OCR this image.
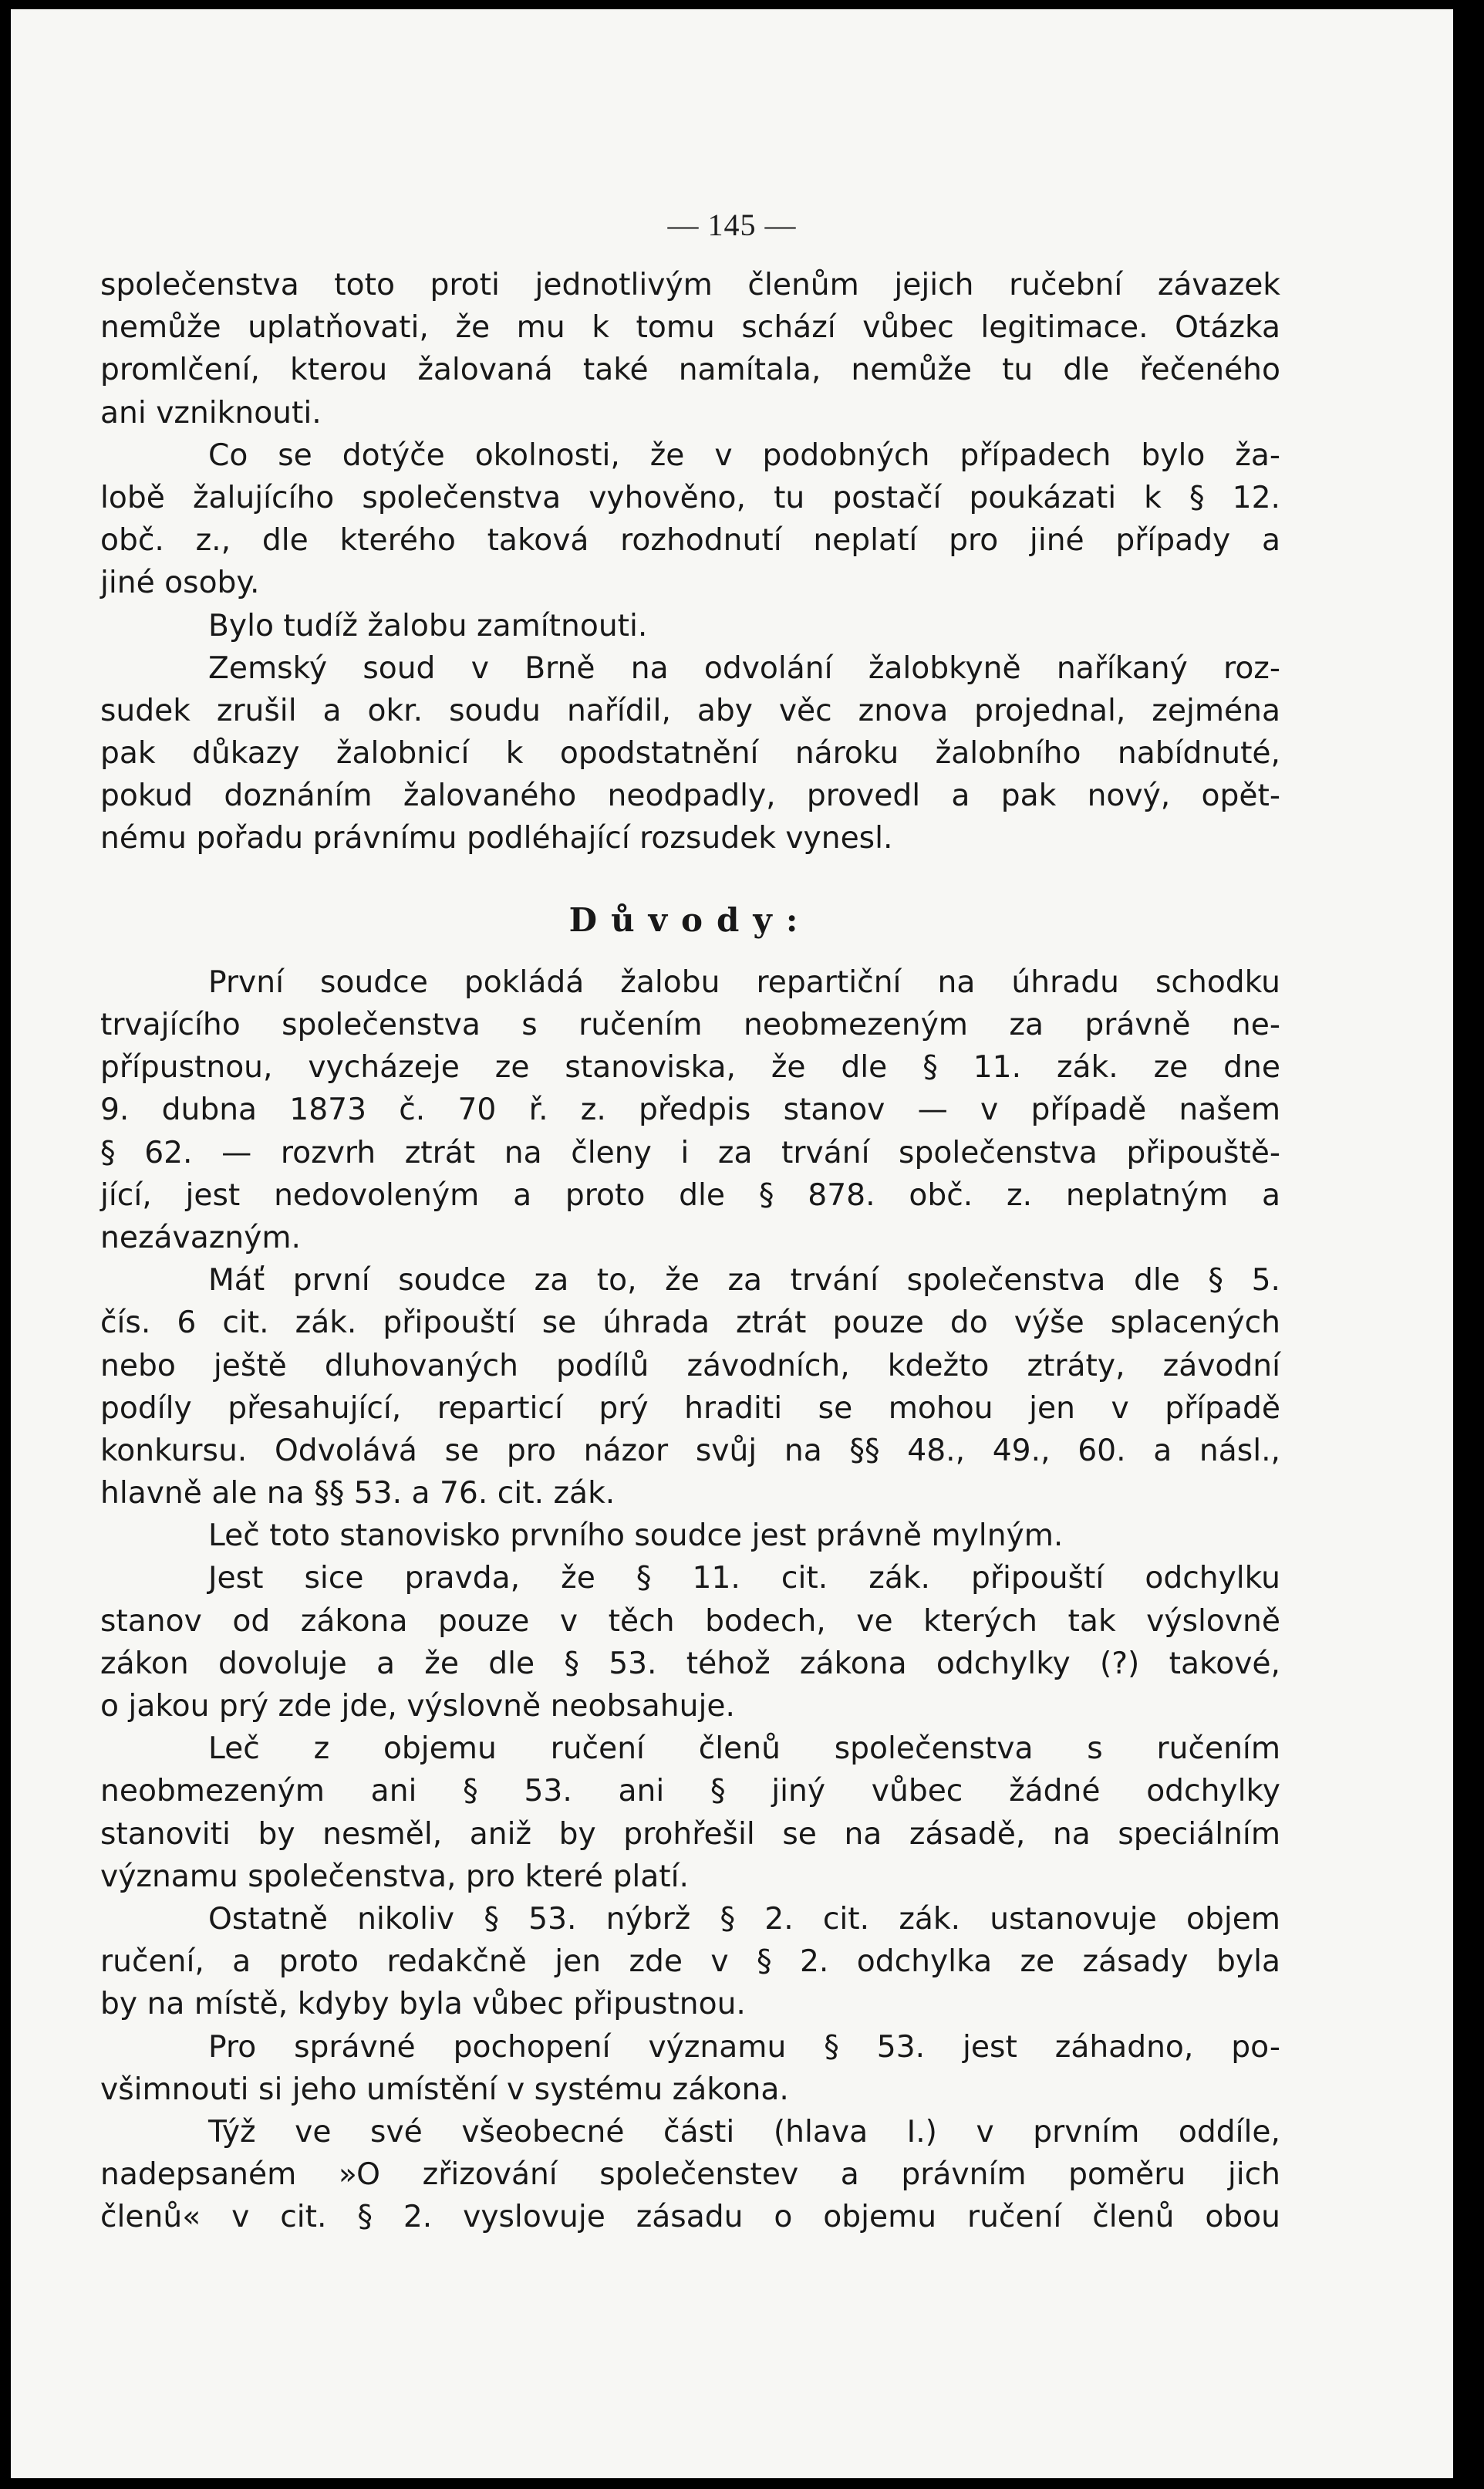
— 145 —
společenstva toto proti jednotlivým členům jejich ručební závazek
nemůže uplatňovati, že mu k tomu schází vůbec legitimace. Otázka
promlčení, kterou žalovaná také namítala, nemůže tu dle řečeného
ani vzniknouti.
Co se dotýče okolnosti, že v podobných případech bylo ža-
lobě žalujícího společenstva vyhověno, tu postačí poukázati k § 12.
obč. z., dle kterého taková rozhodnutí neplatí pro jiné případy a
jiné osoby.
Bylo tudíž žalobu zamítnouti.
Zemský soud v Brně na odvolání žalobkyně naříkaný roz-
sudek zrušil a okr. soudu nařídil, aby věc znova projednal, zejména
pak důkazy žalobnicí k opodstatnění nároku žalobního nabídnuté,
pokud doznáním žalovaného neodpadly, provedl a pak nový, opět-
nému pořadu právnímu podléhající rozsudek vynesl.
Důvody:
První soudce pokládá žalobu repartiční na úhradu schodku
trvajícího společenstva s ručením neobmezeným za právně ne-
přípustnou, vycházeje ze stanoviska, že dle § 11. zák. ze dne
9. dubna 1873 č. 70 ř. z. předpis stanov — v případě našem
§ 62. — rozvrh ztrát na členy i za trvání společenstva připouště-
jící, jest nedovoleným a proto dle § 878. obč. z. neplatným a
nezávazným.
Máť první soudce za to, že za trvání společenstva dle § 5.
čís. 6 cit. zák. připouští se úhrada ztrát pouze do výše splacených
nebo ještě dluhovaných podílů závodních, kdežto ztráty, závodní
podíly přesahující, reparticí prý hraditi se mohou jen v případě
konkursu. Odvolává se pro názor svůj na §§ 48., 49., 60. a násl.,
hlavně ale na §§ 53. a 76. cit. zák.
Leč toto stanovisko prvního soudce jest právně mylným.
Jest sice pravda, že § 11. cit. zák. připouští odchylku
stanov od zákona pouze v těch bodech, ve kterých tak výslovně
zákon dovoluje a že dle § 53. téhož zákona odchylky (?) takové,
o jakou prý zde jde, výslovně neobsahuje.
Leč z objemu ručení členů společenstva s ručením
neobmezeným ani § 53. ani § jiný vůbec žádné odchylky
stanoviti by nesměl, aniž by prohřešil se na zásadě, na speciálním
významu společenstva, pro které platí.
Ostatně nikoliv § 53. nýbrž § 2. cit. zák. ustanovuje objem
ručení, a proto redakčně jen zde v § 2. odchylka ze zásady byla
by na místě, kdyby byla vůbec připustnou.
Pro správné pochopení významu § 53. jest záhadno, po-
všimnouti si jeho umístění v systému zákona.
Týž ve své všeobecné části (hlava I.) v prvním oddíle,
nadepsaném »O zřizování společenstev a právním poměru jich
členů« v cit. § 2. vyslovuje zásadu o objemu ručení členů obou
